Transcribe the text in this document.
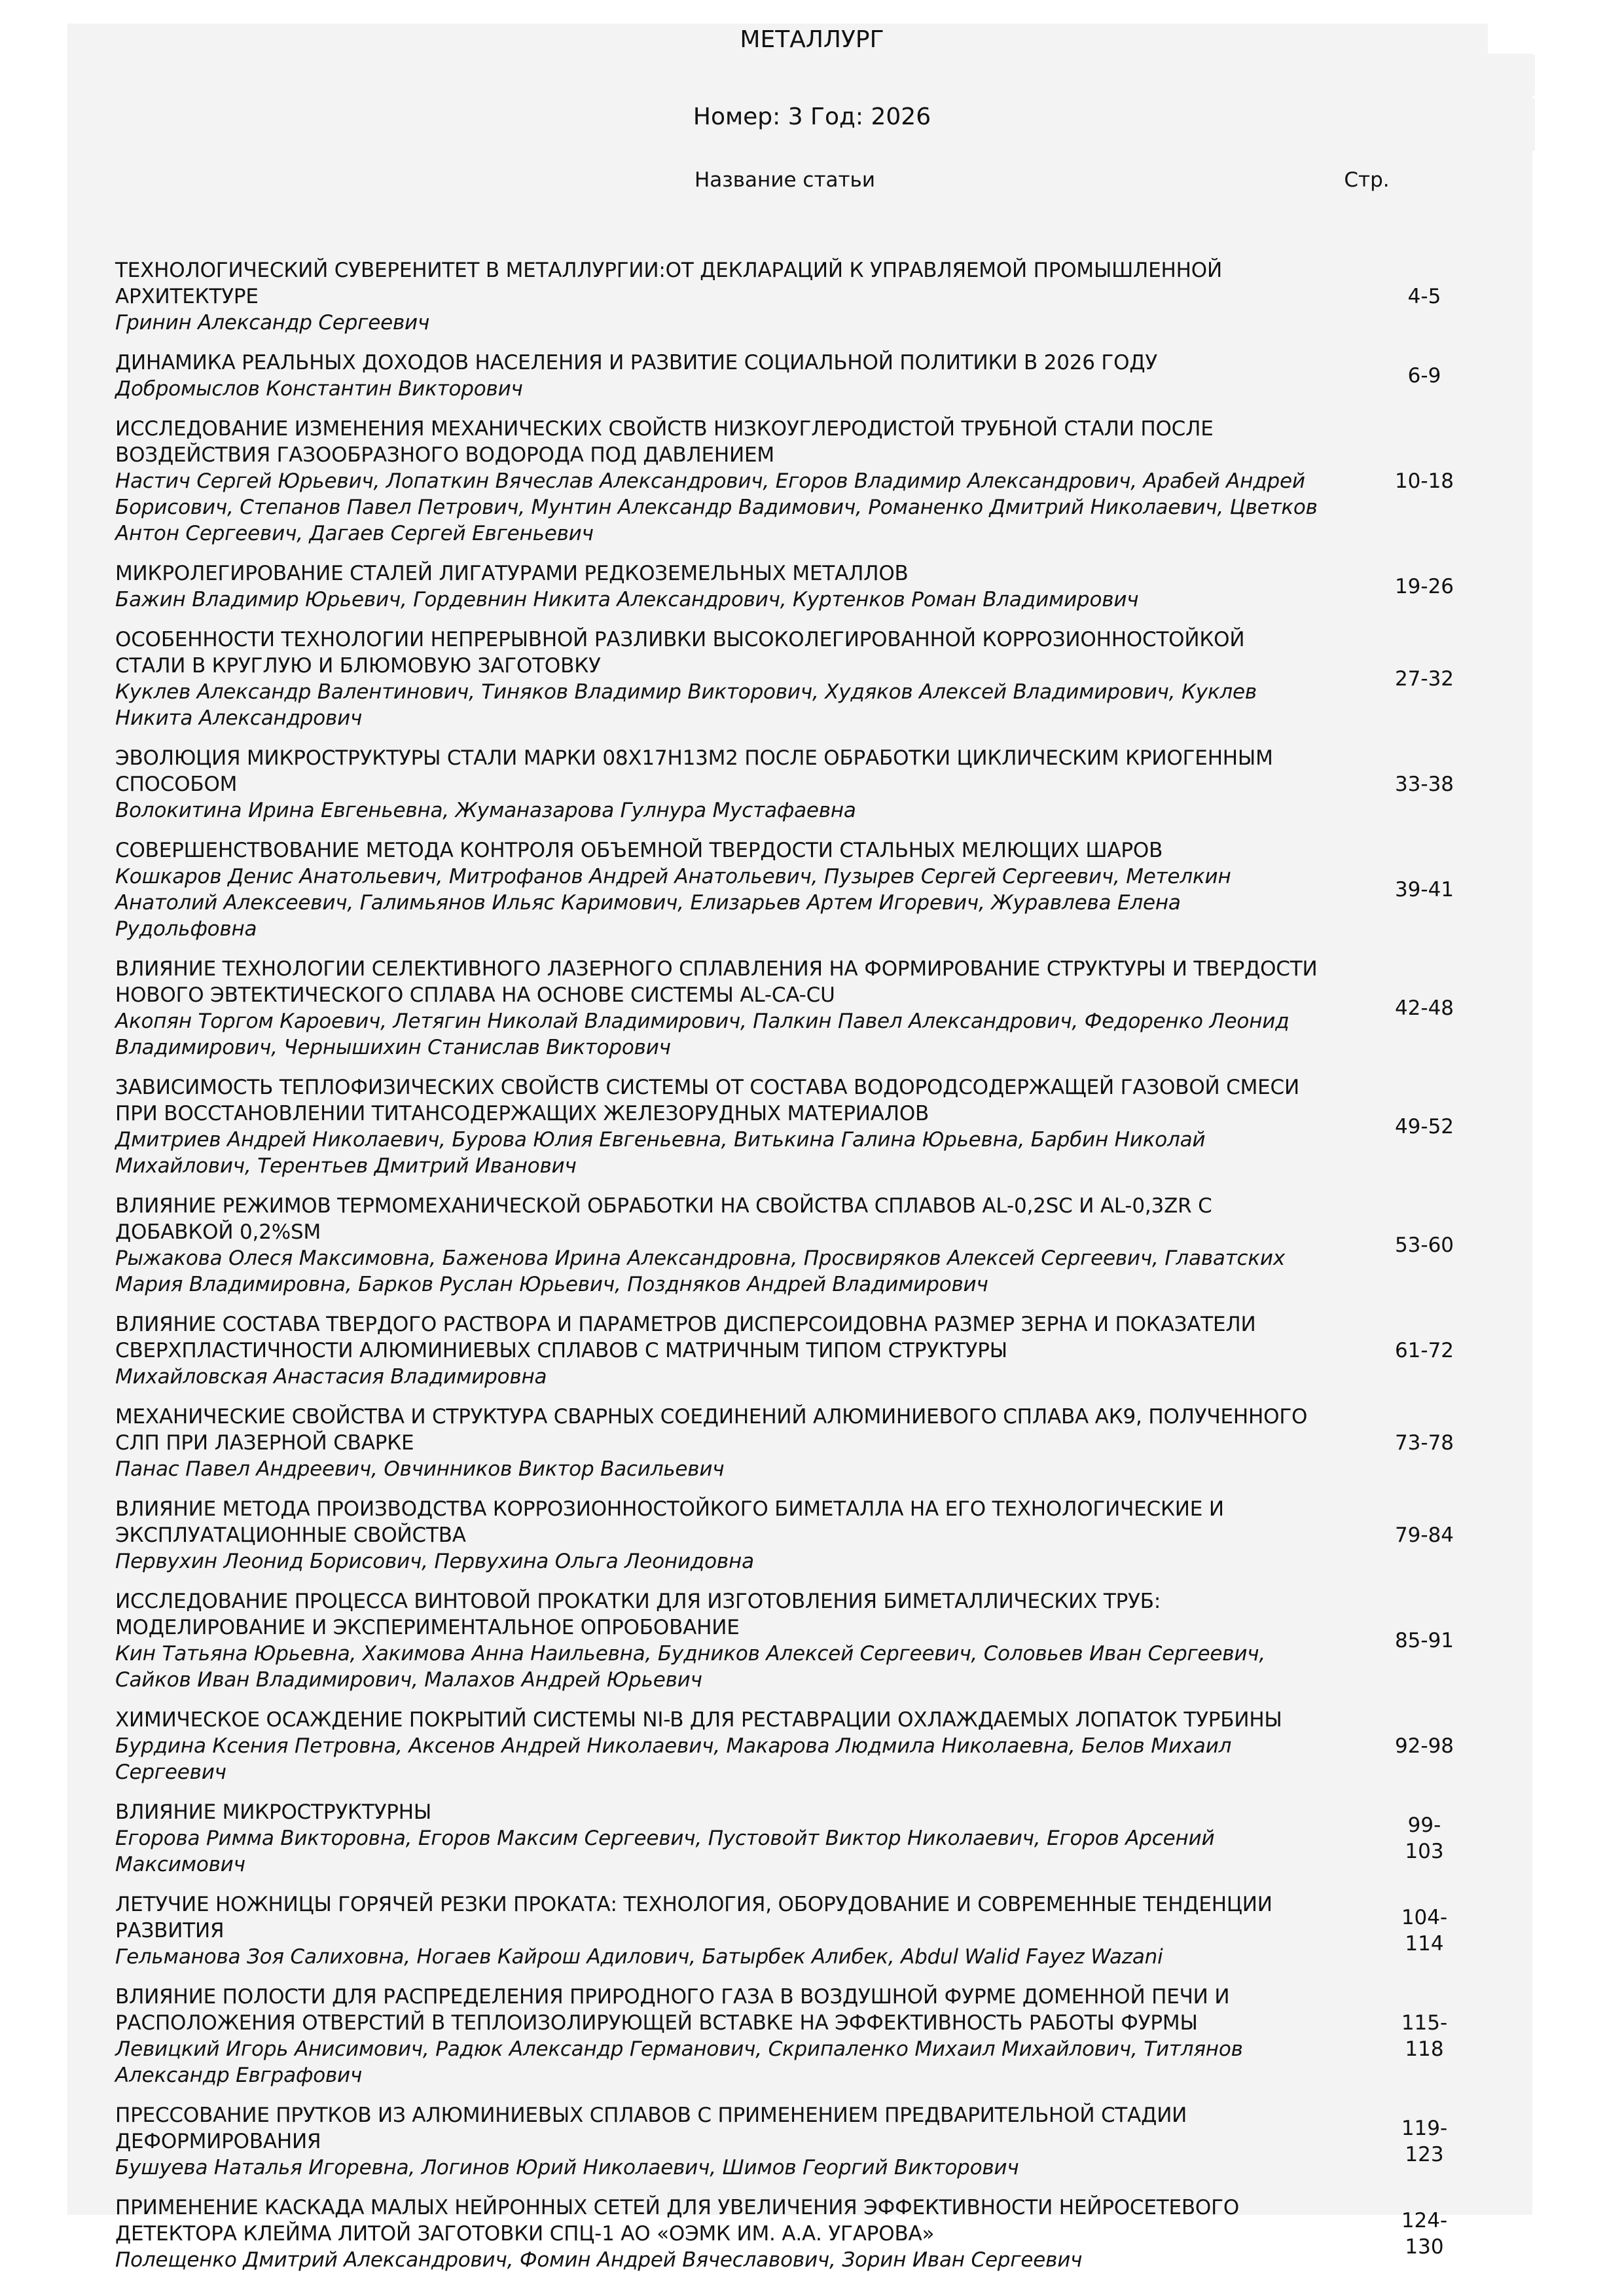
МЕТАЛЛУРГ
Номер: 3 Год: 2026
Название статьи	Стр.
ТЕХНОЛОГИЧЕСКИЙ СУВЕРЕНИТЕТ В МЕТАЛЛУРГИИ:ОТ ДЕКЛАРАЦИЙ К УПРАВЛЯЕМОЙ ПРОМЫШЛЕННОЙ АРХИТЕКТУРЕ
Гринин Александр Сергеевич
4-5
ДИНАМИКА РЕАЛЬНЫХ ДОХОДОВ НАСЕЛЕНИЯ И РАЗВИТИЕ СОЦИАЛЬНОЙ ПОЛИТИКИ В 2026 ГОДУ
Добромыслов Константин Викторович
6-9
ИССЛЕДОВАНИЕ ИЗМЕНЕНИЯ МЕХАНИЧЕСКИХ СВОЙСТВ НИЗКОУГЛЕРОДИСТОЙ ТРУБНОЙ СТАЛИ ПОСЛЕ ВОЗДЕЙСТВИЯ ГАЗООБРАЗНОГО ВОДОРОДА ПОД ДАВЛЕНИЕМ
Настич Сергей Юрьевич, Лопаткин Вячеслав Александрович, Егоров Владимир Александрович, Арабей Андрей Борисович, Степанов Павел Петрович, Мунтин Александр Вадимович, Романенко Дмитрий Николаевич, Цветков Антон Сергеевич, Дагаев Сергей Евгеньевич
10-18
МИКРОЛЕГИРОВАНИЕ СТАЛЕЙ ЛИГАТУРАМИ РЕДКОЗЕМЕЛЬНЫХ МЕТАЛЛОВ
Бажин Владимир Юрьевич, Гордевнин Никита Александрович, Куртенков Роман Владимирович
19-26
ОСОБЕННОСТИ ТЕХНОЛОГИИ НЕПРЕРЫВНОЙ РАЗЛИВКИ ВЫСОКОЛЕГИРОВАННОЙ КОРРОЗИОННОСТОЙКОЙ СТАЛИ В КРУГЛУЮ И БЛЮМОВУЮ ЗАГОТОВКУ
Куклев Александр Валентинович, Тиняков Владимир Викторович, Худяков Алексей Владимирович, Куклев Никита Александрович
27-32
ЭВОЛЮЦИЯ МИКРОСТРУКТУРЫ СТАЛИ МАРКИ 08Х17Н13М2 ПОСЛЕ ОБРАБОТКИ ЦИКЛИЧЕСКИМ КРИОГЕННЫМ СПОСОБОМ
Волокитина Ирина Евгеньевна, Жуманазарова Гулнура Мустафаевна
33-38
СОВЕРШЕНСТВОВАНИЕ МЕТОДА КОНТРОЛЯ ОБЪЕМНОЙ ТВЕРДОСТИ СТАЛЬНЫХ МЕЛЮЩИХ ШАРОВ
Кошкаров Денис Анатольевич, Митрофанов Андрей Анатольевич, Пузырев Сергей Сергеевич, Метелкин Анатолий Алексеевич, Галимьянов Ильяс Каримович, Елизарьев Артем Игоревич, Журавлева Елена Рудольфовна
39-41
ВЛИЯНИЕ ТЕХНОЛОГИИ СЕЛЕКТИВНОГО ЛАЗЕРНОГО СПЛАВЛЕНИЯ НА ФОРМИРОВАНИЕ СТРУКТУРЫ И ТВЕРДОСТИ НОВОГО ЭВТЕКТИЧЕСКОГО СПЛАВА НА ОСНОВЕ СИСТЕМЫ AL-CA-CU
Акопян Торгом Кароевич, Летягин Николай Владимирович, Палкин Павел Александрович, Федоренко Леонид Владимирович, Чернышихин Станислав Викторович
42-48
ЗАВИСИМОСТЬ ТЕПЛОФИЗИЧЕСКИХ СВОЙСТВ СИСТЕМЫ ОТ СОСТАВА ВОДОРОДСОДЕРЖАЩЕЙ ГАЗОВОЙ СМЕСИ ПРИ ВОССТАНОВЛЕНИИ ТИТАНСОДЕРЖАЩИХ ЖЕЛЕЗОРУДНЫХ МАТЕРИАЛОВ
Дмитриев Андрей Николаевич, Бурова Юлия Евгеньевна, Витькина Галина Юрьевна, Барбин Николай Михайлович, Терентьев Дмитрий Иванович
49-52
ВЛИЯНИЕ РЕЖИМОВ ТЕРМОМЕХАНИЧЕСКОЙ ОБРАБОТКИ НА СВОЙСТВА СПЛАВОВ AL-0,2SC И AL-0,3ZR С ДОБАВКОЙ 0,2%SM
Рыжакова Олеся Максимовна, Баженова Ирина Александровна, Просвиряков Алексей Сергеевич, Главатских Мария Владимировна, Барков Руслан Юрьевич, Поздняков Андрей Владимирович
53-60
ВЛИЯНИЕ СОСТАВА ТВЕРДОГО РАСТВОРА И ПАРАМЕТРОВ ДИСПЕРСОИДОВНА РАЗМЕР ЗЕРНА И ПОКАЗАТЕЛИ СВЕРХПЛАСТИЧНОСТИ АЛЮМИНИЕВЫХ СПЛАВОВ С МАТРИЧНЫМ ТИПОМ СТРУКТУРЫ
Михайловская Анастасия Владимировна
61-72
МЕХАНИЧЕСКИЕ СВОЙСТВА И СТРУКТУРА СВАРНЫХ СОЕДИНЕНИЙ АЛЮМИНИЕВОГО СПЛАВА АК9, ПОЛУЧЕННОГО СЛП ПРИ ЛАЗЕРНОЙ СВАРКЕ
Панас Павел Андреевич, Овчинников Виктор Васильевич
73-78
ВЛИЯНИЕ МЕТОДА ПРОИЗВОДСТВА КОРРОЗИОННОСТОЙКОГО БИМЕТАЛЛА НА ЕГО ТЕХНОЛОГИЧЕСКИЕ И ЭКСПЛУАТАЦИОННЫЕ СВОЙСТВА
Первухин Леонид Борисович, Первухина Ольга Леонидовна
79-84
ИССЛЕДОВАНИЕ ПРОЦЕССА ВИНТОВОЙ ПРОКАТКИ ДЛЯ ИЗГОТОВЛЕНИЯ БИМЕТАЛЛИЧЕСКИХ ТРУБ: МОДЕЛИРОВАНИЕ И ЭКСПЕРИМЕНТАЛЬНОЕ ОПРОБОВАНИЕ
Кин Татьяна Юрьевна, Хакимова Анна Наильевна, Будников Алексей Сергеевич, Соловьев Иван Сергеевич, Сайков Иван Владимирович, Малахов Андрей Юрьевич
85-91
ХИМИЧЕСКОЕ ОСАЖДЕНИЕ ПОКРЫТИЙ СИСТЕМЫ NI-B ДЛЯ РЕСТАВРАЦИИ ОХЛАЖДАЕМЫХ ЛОПАТОК ТУРБИНЫ
Бурдина Ксения Петровна, Аксенов Андрей Николаевич, Макарова Людмила Николаевна, Белов Михаил Сергеевич
92-98
ВЛИЯНИЕ МИКРОСТРУКТУРНЫ
Егорова Римма Викторовна, Егоров Максим Сергеевич, Пустовойт Виктор Николаевич, Егоров Арсений Максимович
99-
103
ЛЕТУЧИЕ НОЖНИЦЫ ГОРЯЧЕЙ РЕЗКИ ПРОКАТА: ТЕХНОЛОГИЯ, ОБОРУДОВАНИЕ И СОВРЕМЕННЫЕ ТЕНДЕНЦИИ РАЗВИТИЯ
Гельманова Зоя Салиховна, Ногаев Кайрош Адилович, Батырбек Алибек, Abdul Walid Fayez Wazani
104-
114
ВЛИЯНИЕ ПОЛОСТИ ДЛЯ РАСПРЕДЕЛЕНИЯ ПРИРОДНОГО ГАЗА В ВОЗДУШНОЙ ФУРМЕ ДОМЕННОЙ ПЕЧИ И РАСПОЛОЖЕНИЯ ОТВЕРСТИЙ В ТЕПЛОИЗОЛИРУЮЩЕЙ ВСТАВКЕ НА ЭФФЕКТИВНОСТЬ РАБОТЫ ФУРМЫ
Левицкий Игорь Анисимович, Радюк Александр Германович, Скрипаленко Михаил Михайлович, Титлянов Александр Евграфович
115-
118
ПРЕССОВАНИЕ ПРУТКОВ ИЗ АЛЮМИНИЕВЫХ СПЛАВОВ С ПРИМЕНЕНИЕМ ПРЕДВАРИТЕЛЬНОЙ СТАДИИ ДЕФОРМИРОВАНИЯ
Бушуева Наталья Игоревна, Логинов Юрий Николаевич, Шимов Георгий Викторович
119-
123
ПРИМЕНЕНИЕ КАСКАДА МАЛЫХ НЕЙРОННЫХ СЕТЕЙ ДЛЯ УВЕЛИЧЕНИЯ ЭФФЕКТИВНОСТИ НЕЙРОСЕТЕВОГО ДЕТЕКТОРА КЛЕЙМА ЛИТОЙ ЗАГОТОВКИ СПЦ-1 АО «ОЭМК ИМ. А.А. УГАРОВА»
Полещенко Дмитрий Александрович, Фомин Андрей Вячеславович, Зорин Иван Сергеевич
124-
130
